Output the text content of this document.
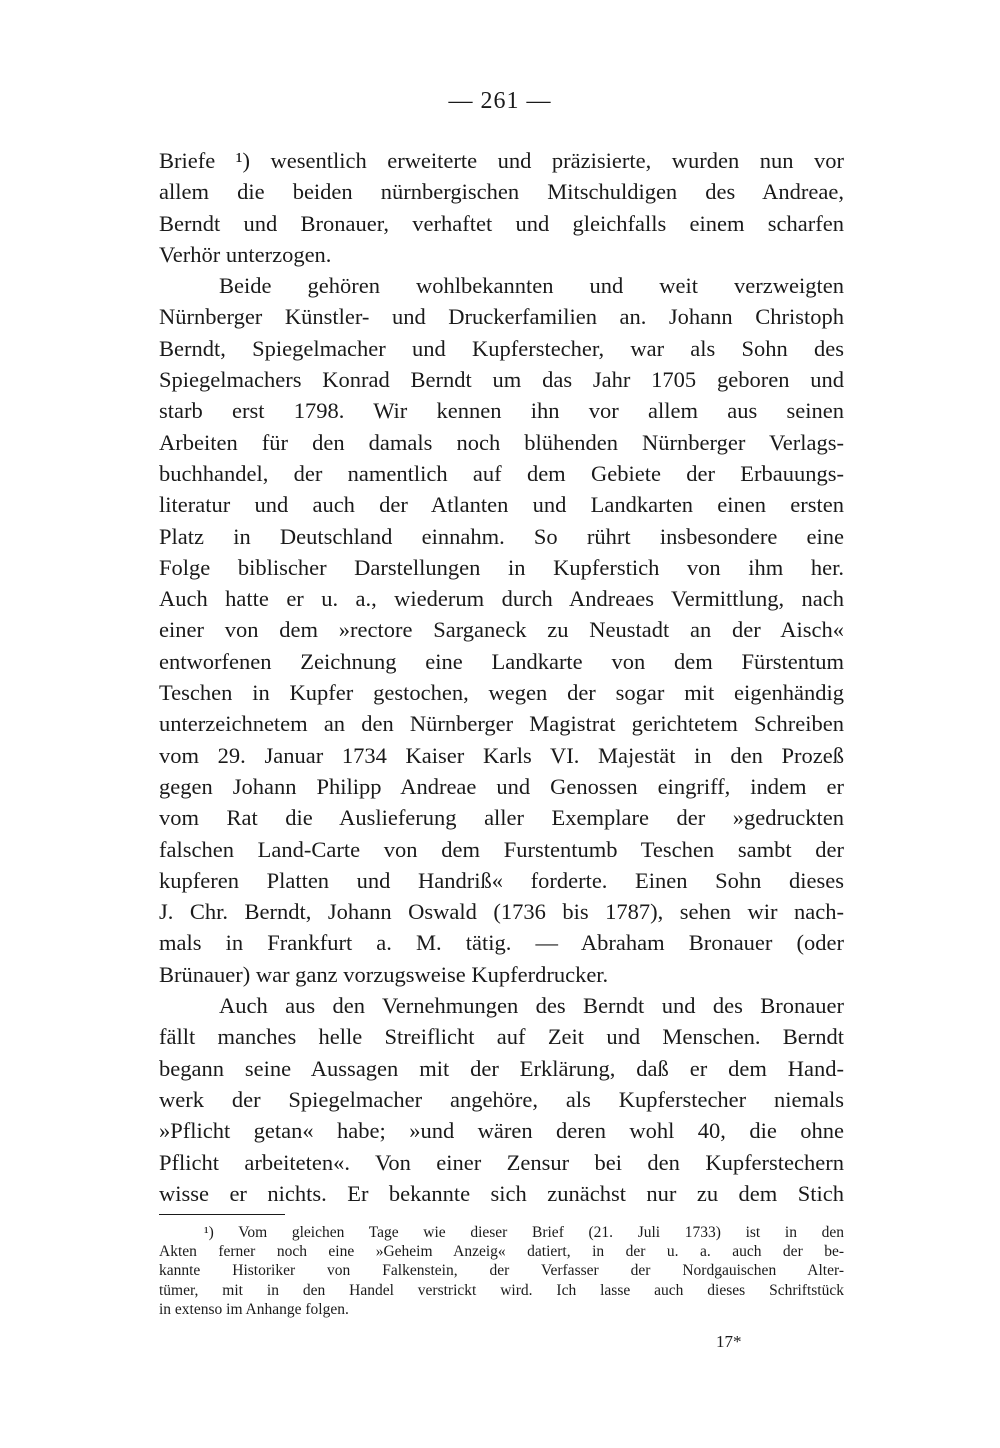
— 261 —
Briefe ¹) wesentlich erweiterte und präzisierte, wurden nun vor
allem die beiden nürnbergischen Mitschuldigen des Andreae,
Berndt und Bronauer, verhaftet und gleichfalls einem scharfen
Verhör unterzogen.
Beide gehören wohlbekannten und weit verzweigten
Nürnberger Künstler- und Druckerfamilien an. Johann Christoph
Berndt, Spiegelmacher und Kupferstecher, war als Sohn des
Spiegelmachers Konrad Berndt um das Jahr 1705 geboren und
starb erst 1798. Wir kennen ihn vor allem aus seinen
Arbeiten für den damals noch blühenden Nürnberger Verlags-
buchhandel, der namentlich auf dem Gebiete der Erbauungs-
literatur und auch der Atlanten und Landkarten einen ersten
Platz in Deutschland einnahm. So rührt insbesondere eine
Folge biblischer Darstellungen in Kupferstich von ihm her.
Auch hatte er u. a., wiederum durch Andreaes Vermittlung, nach
einer von dem »rectore Sarganeck zu Neustadt an der Aisch«
entworfenen Zeichnung eine Landkarte von dem Fürstentum
Teschen in Kupfer gestochen, wegen der sogar mit eigenhändig
unterzeichnetem an den Nürnberger Magistrat gerichtetem Schreiben
vom 29. Januar 1734 Kaiser Karls VI. Majestät in den Prozeß
gegen Johann Philipp Andreae und Genossen eingriff, indem er
vom Rat die Auslieferung aller Exemplare der »gedruckten
falschen Land-Carte von dem Furstentumb Teschen sambt der
kupferen Platten und Handriß« forderte. Einen Sohn dieses
J. Chr. Berndt, Johann Oswald (1736 bis 1787), sehen wir nach-
mals in Frankfurt a. M. tätig. — Abraham Bronauer (oder
Brünauer) war ganz vorzugsweise Kupferdrucker.
Auch aus den Vernehmungen des Berndt und des Bronauer
fällt manches helle Streiflicht auf Zeit und Menschen. Berndt
begann seine Aussagen mit der Erklärung, daß er dem Hand-
werk der Spiegelmacher angehöre, als Kupferstecher niemals
»Pflicht getan« habe; »und wären deren wohl 40, die ohne
Pflicht arbeiteten«. Von einer Zensur bei den Kupferstechern
wisse er nichts. Er bekannte sich zunächst nur zu dem Stich
¹) Vom gleichen Tage wie dieser Brief (21. Juli 1733) ist in den
Akten ferner noch eine »Geheim Anzeig« datiert, in der u. a. auch der be-
kannte Historiker von Falkenstein, der Verfasser der Nordgauischen Alter-
tümer, mit in den Handel verstrickt wird. Ich lasse auch dieses Schriftstück
in extenso im Anhange folgen.
17*
